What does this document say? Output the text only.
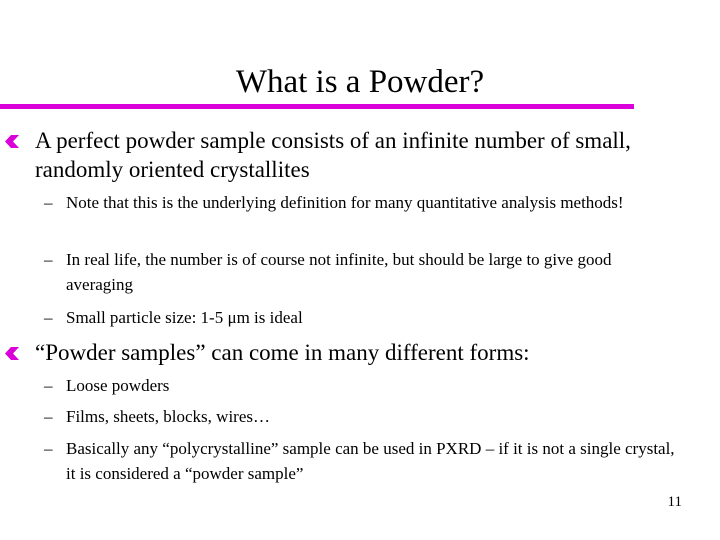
What is a Powder?
A perfect powder sample consists of an infinite number of small, randomly oriented crystallites
– Note that this is the underlying definition for many quantitative analysis methods!
– In real life, the number is of course not infinite, but should be large to give good averaging
– Small particle size: 1-5 μm is ideal
“Powder samples” can come in many different forms:
– Loose powders
– Films, sheets, blocks, wires…
– Basically any “polycrystalline” sample can be used in PXRD – if it is not a single crystal, it is considered a “powder sample”
11
